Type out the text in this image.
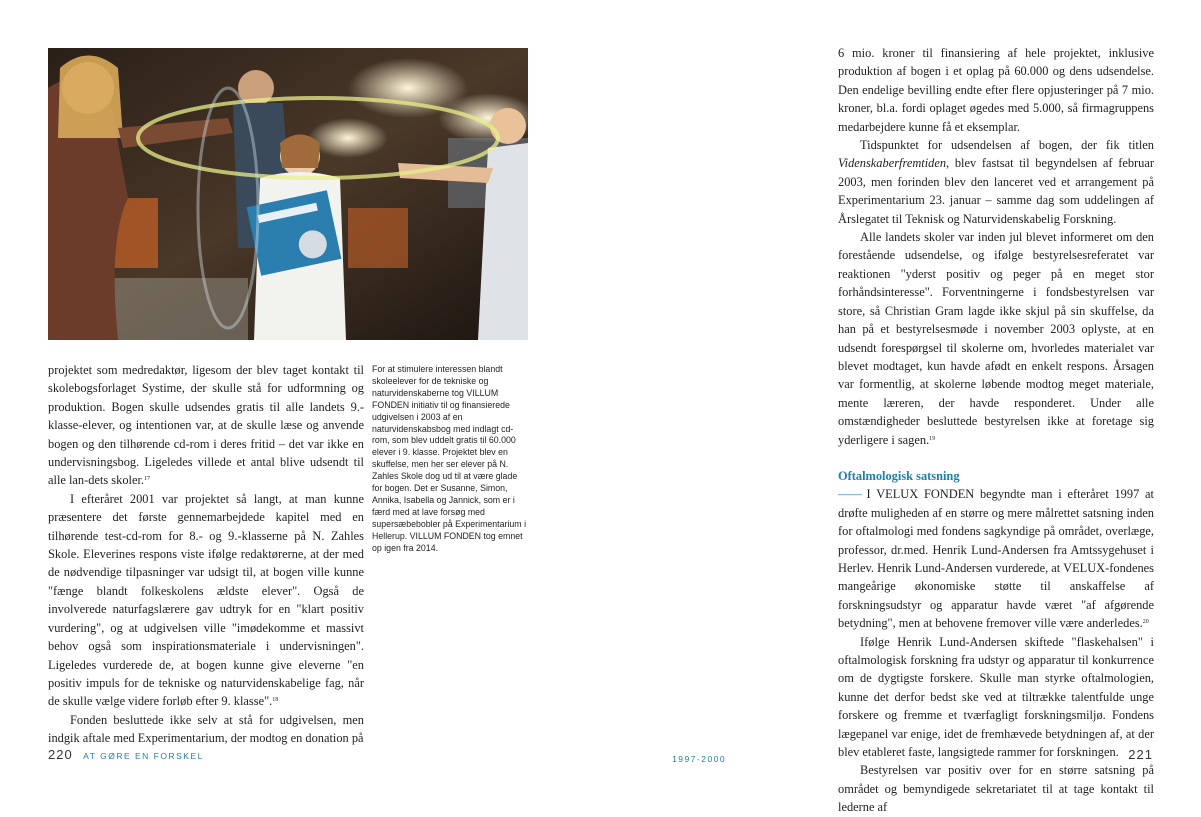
projektet som medredaktør, ligesom der blev taget kontakt til skolebogsforlaget Systime, der skulle stå for udformning og produktion. Bogen skulle udsendes gratis til alle landets 9.-klasse-elever, og intentionen var, at de skulle læse og anvende bogen og den tilhørende cd-rom i deres fritid – det var ikke en undervisningsbog. Ligeledes villede et antal blive udsendt til alle lan-dets skoler.$^{17}$

I efteråret 2001 var projektet så langt, at man kunne præsentere det første gennemarbejdede kapitel med en tilhørende test-cd-rom for 8.- og 9.-klasserne på N. Zahles Skole. Eleverines respons viste ifølge redaktørerne, at der med de nødvendige tilpasninger var udsigt til, at bogen ville kunne "fænge blandt folkeskolens ældste elever". Også de involverede naturfagslærere gav udtryk for en "klart positiv vurdering", og at udgivelsen ville "imødekomme et massivt behov også som inspirationsmateriale i undervisningen". Ligeledes vurderede de, at bogen kunne give eleverne "en positiv impuls for de tekniske og naturvidenskabelige fag, når de skulle vælge videre forløb efter 9. klasse".$^{18}$

Fonden besluttede ikke selv at stå for udgivelsen, men indgik aftale med Experimentarium, der modtog en donation på

For at stimulere interessen blandt skoleelever for de tekniske og naturvidenskaberne tog VILLUM FONDEN initiativ til og finansierede udgivelsen i 2003 af en naturvidenskabsbog med indlagt cd-rom, som blev uddelt gratis til 60.000 elever i 9. klasse. Projektet blev en skuffelse, men her ser elever på N. Zahles Skole dog ud til at være glade for bogen. Det er Susanne, Simon, Annika, Isabella og Jannick, som er i færd med at lave forsøg med supersæbebobler på Experimentarium i Hellerup. VILLUM FONDEN tog emnet op igen fra 2014.

6 mio. kroner til finansiering af hele projektet, inklusive produktion af bogen i et oplag på 60.000 og dens udsendelse. Den endelige bevilling endte efter flere opjusteringer på 7 mio. kroner, bl.a. fordi oplaget øgedes med 5.000, så firmagruppens medarbejdere kunne få et eksemplar.

Tidspunktet for udsendelsen af bogen, der fik titlen Videnskaberfremtiden, blev fastsat til begyndelsen af februar 2003, men forinden blev den lanceret ved et arrangement på Experimentarium 23. januar – samme dag som uddelingen af Årslegatet til Teknisk og Naturvidenskabelig Forskning.

Alle landets skoler var inden jul blevet informeret om den forestående udsendelse, og ifølge bestyrelsesreferatet var reaktionen "yderst positiv og peger på en meget stor forhåndsinteresse". Forventningerne i fondsbestyrelsen var store, så Christian Gram lagde ikke skjul på sin skuffelse, da han på et bestyrelsesmøde i november 2003 oplyste, at en udsendt forespørgsel til skolerne om, hvorledes materialet var blevet modtaget, kun havde afødt en enkelt respons. Årsagen var formentlig, at skolerne løbende modtog meget materiale, mente læreren, der havde responderet. Under alle omstændigheder besluttede bestyrelsen ikke at foretage sig yderligere i sagen.$^{19}$

Oftalmologisk satsning

—— I VELUX FONDEN begyndte man i efteråret 1997 at drøfte muligheden af en større og mere målrettet satsning inden for oftalmologi med fondens sagkyndige på området, overlæge, professor, dr.med. Henrik Lund-Andersen fra Amtssygehuset i Herlev. Henrik Lund-Andersen vurderede, at VELUX-fondenes mangeårige økonomiske støtte til anskaffelse af forskningsudstyr og apparatur havde været "af afgørende betydning", men at behovene fremover ville være anderledes.$^{20}$

Ifølge Henrik Lund-Andersen skiftede "flaskehalsen" i oftalmologisk forskning fra udstyr og apparatur til konkurrence om de dygtigste forskere. Skulle man styrke oftalmologien, kunne det derfor bedst ske ved at tiltrække talentfulde unge forskere og fremme et tværfagligt forskningsmiljø. Fondens lægepanel var enige, idet de fremhævede betydningen af, at der blev etableret faste, langsigtede rammer for forskningen.

Bestyrelsen var positiv over for en større satsning på området og bemyndigede sekretariatet til at tage kontakt til lederne af

220 AT GØRE EN FORSKEL	1997-2000	221
